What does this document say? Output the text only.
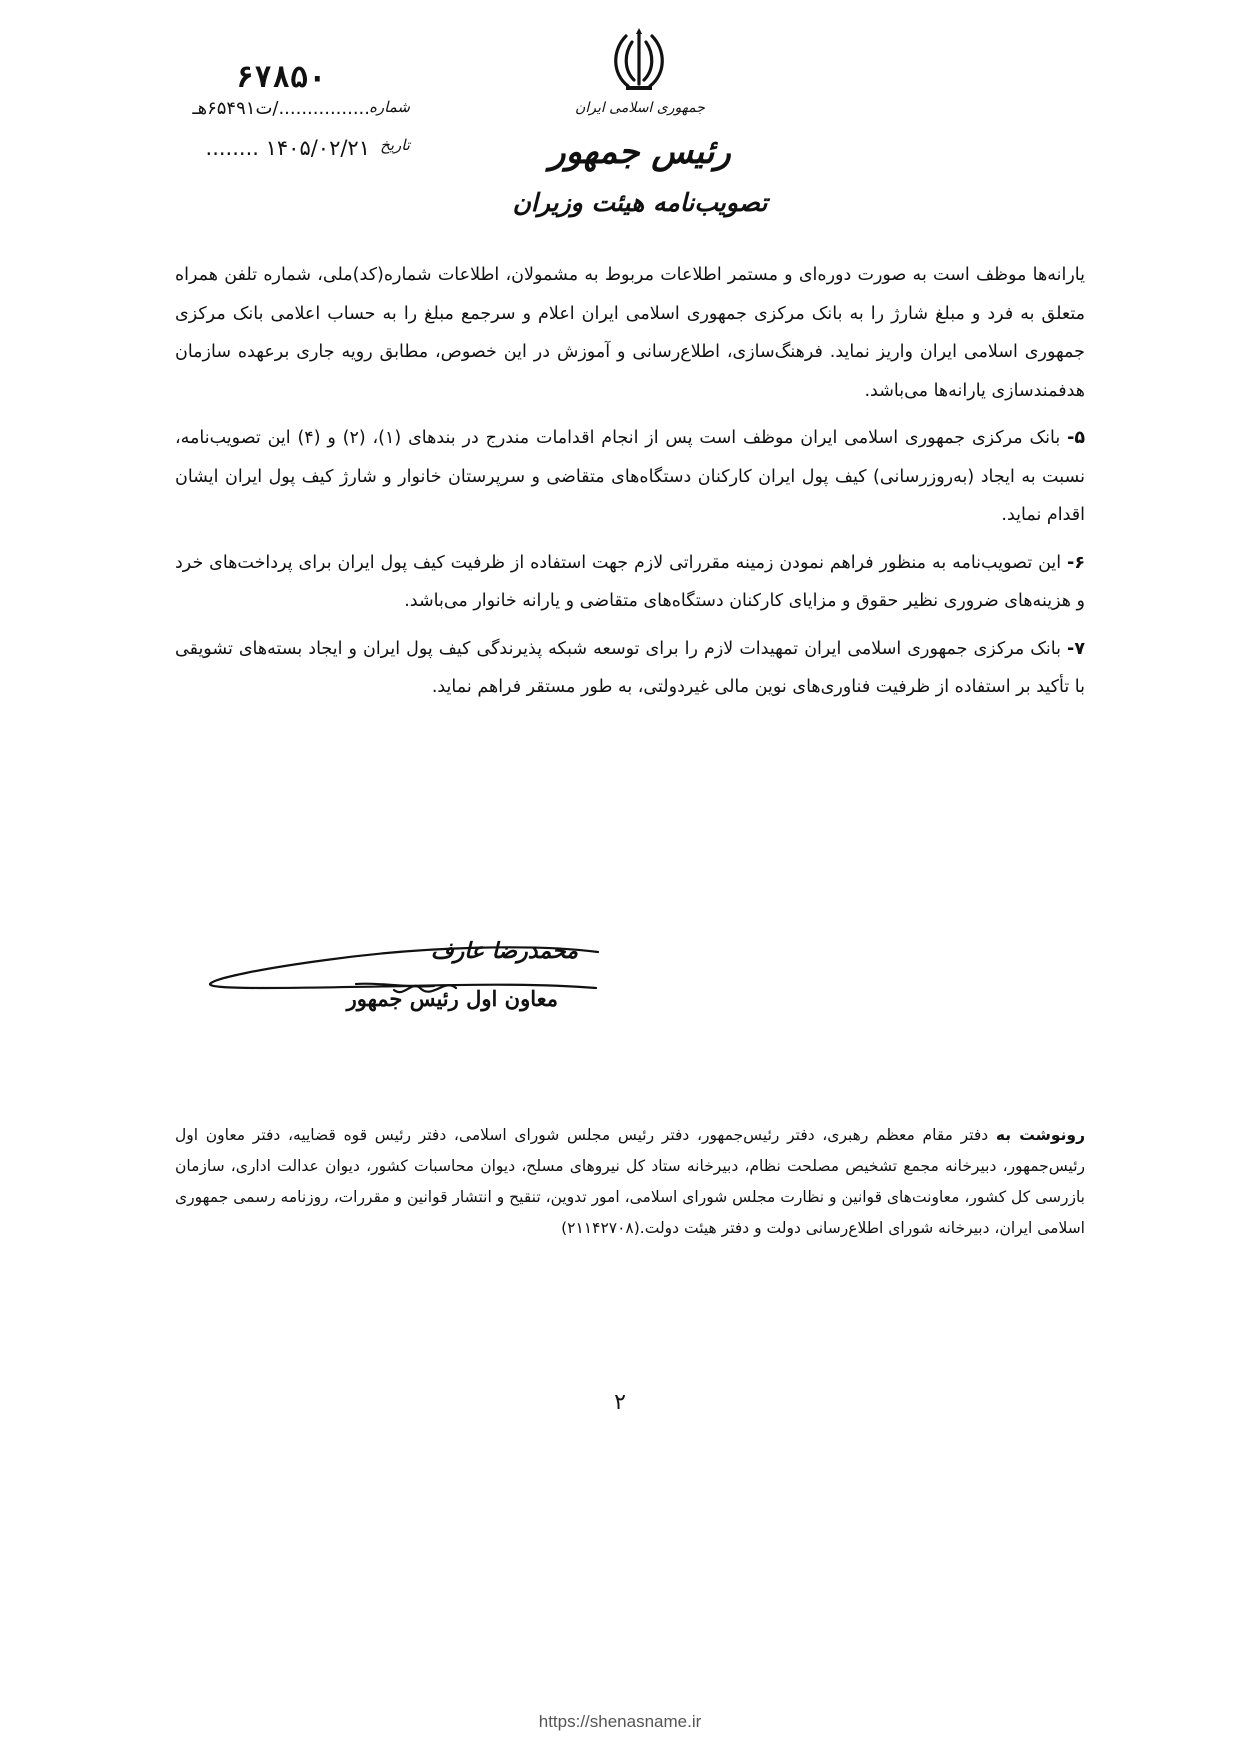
جمهوری اسلامی ایران
رئیس جمهور
تصویب‌نامه هیئت وزیران
۶۷۸۵۰
شماره
................/ت۶۵۴۹۱هـ
تاریخ
۱۴۰۵/۰۲/۲۱ ........

یارانه‌ها موظف است به صورت دوره‌ای و مستمر اطلاعات مربوط به مشمولان، اطلاعات شماره(کد)ملی، شماره تلفن همراه متعلق به فرد و مبلغ شارژ را به بانک مرکزی جمهوری اسلامی ایران اعلام و سرجمع مبلغ را به حساب اعلامی بانک مرکزی جمهوری اسلامی ایران واریز نماید. فرهنگ‌سازی، اطلاع‌رسانی و آموزش در این خصوص، مطابق رویه جاری برعهده سازمان هدفمندسازی یارانه‌ها می‌باشد.

۵- بانک مرکزی جمهوری اسلامی ایران موظف است پس از انجام اقدامات مندرج در بندهای (۱)، (۲) و (۴) این تصویب‌نامه، نسبت به ایجاد (به‌روزرسانی) کیف پول ایران کارکنان دستگاه‌های متقاضی و سرپرستان خانوار و شارژ کیف پول ایران ایشان اقدام نماید.

۶- این تصویب‌نامه به منظور فراهم نمودن زمینه مقرراتی لازم جهت استفاده از ظرفیت کیف پول ایران برای پرداخت‌های خرد و هزینه‌های ضروری نظیر حقوق و مزایای کارکنان دستگاه‌های متقاضی و یارانه خانوار می‌باشد.

۷- بانک مرکزی جمهوری اسلامی ایران تمهیدات لازم را برای توسعه شبکه پذیرندگی کیف پول ایران و ایجاد بسته‌های تشویقی با تأکید بر استفاده از ظرفیت فناوری‌های نوین مالی غیردولتی، به طور مستقر فراهم نماید.

محمدرضا عارف
معاون اول رئیس جمهور
رونوشت به دفتر مقام معظم رهبری، دفتر رئیس‌جمهور، دفتر رئیس مجلس شورای اسلامی، دفتر رئیس قوه قضاییه، دفتر معاون اول رئیس‌جمهور، دبیرخانه مجمع تشخیص مصلحت نظام، دبیرخانه ستاد کل نیروهای مسلح، دیوان محاسبات کشور، دیوان عدالت اداری، سازمان بازرسی کل کشور، معاونت‌های قوانین و نظارت مجلس شورای اسلامی، امور تدوین، تنقیح و انتشار قوانین و مقررات، روزنامه رسمی جمهوری اسلامی ایران، دبیرخانه شورای اطلاع‌رسانی دولت و دفتر هیئت دولت.(۲۱۱۴۲۷۰۸)
۲
https://shenasname.ir
